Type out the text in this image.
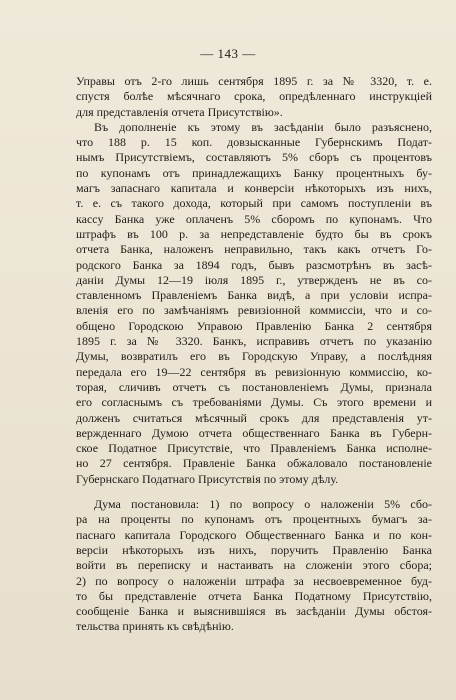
— 143 —
Управы отъ 2-го лишь сентября 1895 г. за № 3320, т. е.
спустя болѣе мѣсячнаго срока, опредѣленнаго инструкціей
для представленія отчета Присутствію».
Въ дополненіе къ этому въ засѣданіи было разъяснено,
что 188 р. 15 коп. довзысканные Губернскимъ Подат-
нымъ Присутствіемъ, составляютъ 5% сборъ съ процентовъ
по купонамъ отъ принадлежащихъ Банку процентныхъ бу-
магъ запаснаго капитала и конверсіи нѣкоторыхъ изъ нихъ,
т. е. съ такого дохода, который при самомъ поступленіи въ
кассу Банка уже оплаченъ 5% сборомъ по купонамъ. Что
штрафъ въ 100 р. за непредставленіе будто бы въ срокъ
отчета Банка, наложенъ неправильно, такъ какъ отчетъ Го-
родского Банка за 1894 годъ, бывъ разсмотрѣнъ въ засѣ-
даніи Думы 12—19 іюля 1895 г., утвержденъ не въ со-
ставленномъ Правленіемъ Банка видѣ, а при условіи испра-
вленія его по замѣчаніямъ ревизіонной коммиссіи, что и со-
общено Городскою Управою Правленію Банка 2 сентября
1895 г. за № 3320. Банкъ, исправивъ отчетъ по указанію
Думы, возвратилъ его въ Городскую Управу, а послѣдняя
передала его 19—22 сентября въ ревизіонную коммиссію, ко-
торая, сличивъ отчетъ съ постановленіемъ Думы, признала
его согласнымъ съ требованіями Думы. Съ этого времени и
долженъ считаться мѣсячный срокъ для представленія ут-
вержденнаго Думою отчета общественнаго Банка въ Губерн-
ское Податное Присутствіе, что Правленіемъ Банка исполне-
но 27 сентября. Правленіе Банка обжаловало постановленіе
Губернскаго Податнаго Присутствія по этому дѣлу.
Дума постановила: 1) по вопросу о наложеніи 5% сбо-
ра на проценты по купонамъ отъ процентныхъ бумагъ за-
паснаго капитала Городского Общественнаго Банка и по кон-
версіи нѣкоторыхъ изъ нихъ, поручить Правленію Банка
войти въ переписку и настаивать на сложеніи этого сбора;
2) по вопросу о наложеніи штрафа за несвоевременное буд-
то бы представленіе отчета Банка Податному Присутствію,
сообщеніе Банка и выяснившіяся въ засѣданіи Думы обстоя-
тельства принять къ свѣдѣнію.
